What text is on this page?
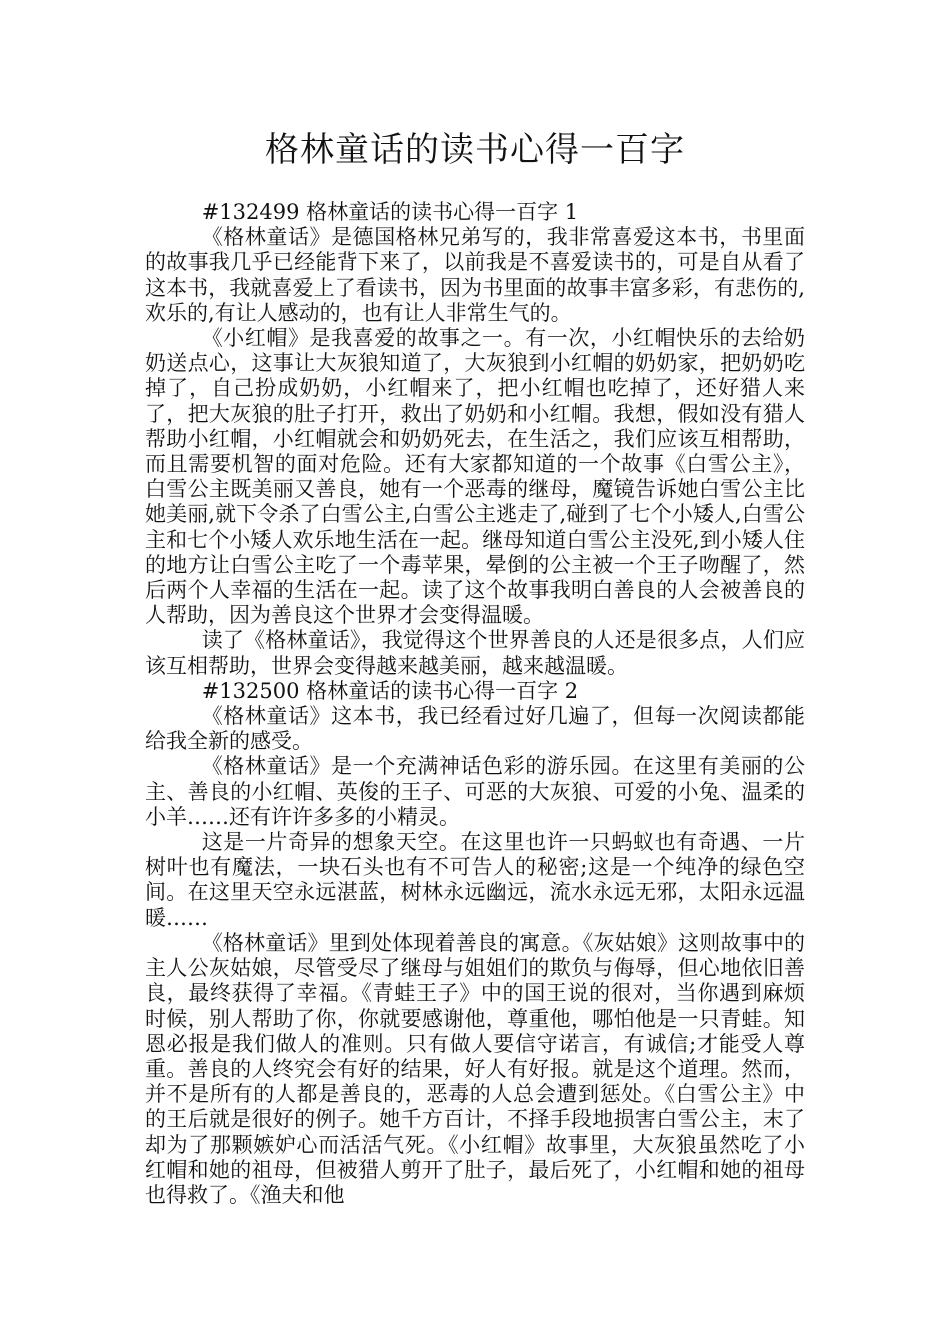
格林童话的读书心得一百字

#132499 格林童话的读书心得一百字 1

《格林童话》是德国格林兄弟写的，我非常喜爱这本书，书里面的故事我几乎已经能背下来了，以前我是不喜爱读书的，可是自从看了这本书，我就喜爱上了看读书，因为书里面的故事丰富多彩，有悲伤的,欢乐的,有让人感动的，也有让人非常生气的。

《小红帽》是我喜爱的故事之一。有一次，小红帽快乐的去给奶奶送点心，这事让大灰狼知道了，大灰狼到小红帽的奶奶家，把奶奶吃掉了，自己扮成奶奶，小红帽来了，把小红帽也吃掉了，还好猎人来了，把大灰狼的肚子打开，救出了奶奶和小红帽。我想，假如没有猎人帮助小红帽，小红帽就会和奶奶死去，在生活之，我们应该互相帮助，而且需要机智的面对危险。还有大家都知道的一个故事《白雪公主》，白雪公主既美丽又善良，她有一个恶毒的继母，魔镜告诉她白雪公主比她美丽,就下令杀了白雪公主,白雪公主逃走了,碰到了七个小矮人,白雪公主和七个小矮人欢乐地生活在一起。继母知道白雪公主没死,到小矮人住的地方让白雪公主吃了一个毒苹果，晕倒的公主被一个王子吻醒了，然后两个人幸福的生活在一起。读了这个故事我明白善良的人会被善良的人帮助，因为善良这个世界才会变得温暖。

读了《格林童话》，我觉得这个世界善良的人还是很多点，人们应该互相帮助，世界会变得越来越美丽，越来越温暖。

#132500 格林童话的读书心得一百字 2

《格林童话》这本书，我已经看过好几遍了，但每一次阅读都能给我全新的感受。

《格林童话》是一个充满神话色彩的游乐园。在这里有美丽的公主、善良的小红帽、英俊的王子、可恶的大灰狼、可爱的小兔、温柔的小羊……还有许许多多的小精灵。

这是一片奇异的想象天空。在这里也许一只蚂蚁也有奇遇、一片树叶也有魔法，一块石头也有不可告人的秘密;这是一个纯净的绿色空间。在这里天空永远湛蓝，树林永远幽远，流水永远无邪，太阳永远温暖……

《格林童话》里到处体现着善良的寓意。《灰姑娘》这则故事中的主人公灰姑娘，尽管受尽了继母与姐姐们的欺负与侮辱，但心地依旧善良，最终获得了幸福。《青蛙王子》中的国王说的很对，当你遇到麻烦时候，别人帮助了你，你就要感谢他，尊重他，哪怕他是一只青蛙。知恩必报是我们做人的准则。只有做人要信守诺言，有诚信;才能受人尊重。善良的人终究会有好的结果，好人有好报。就是这个道理。然而，并不是所有的人都是善良的，恶毒的人总会遭到惩处。《白雪公主》中的王后就是很好的例子。她千方百计，不择手段地损害白雪公主，末了却为了那颗嫉妒心而活活气死。《小红帽》故事里，大灰狼虽然吃了小红帽和她的祖母，但被猎人剪开了肚子，最后死了，小红帽和她的祖母也得救了。《渔夫和他
